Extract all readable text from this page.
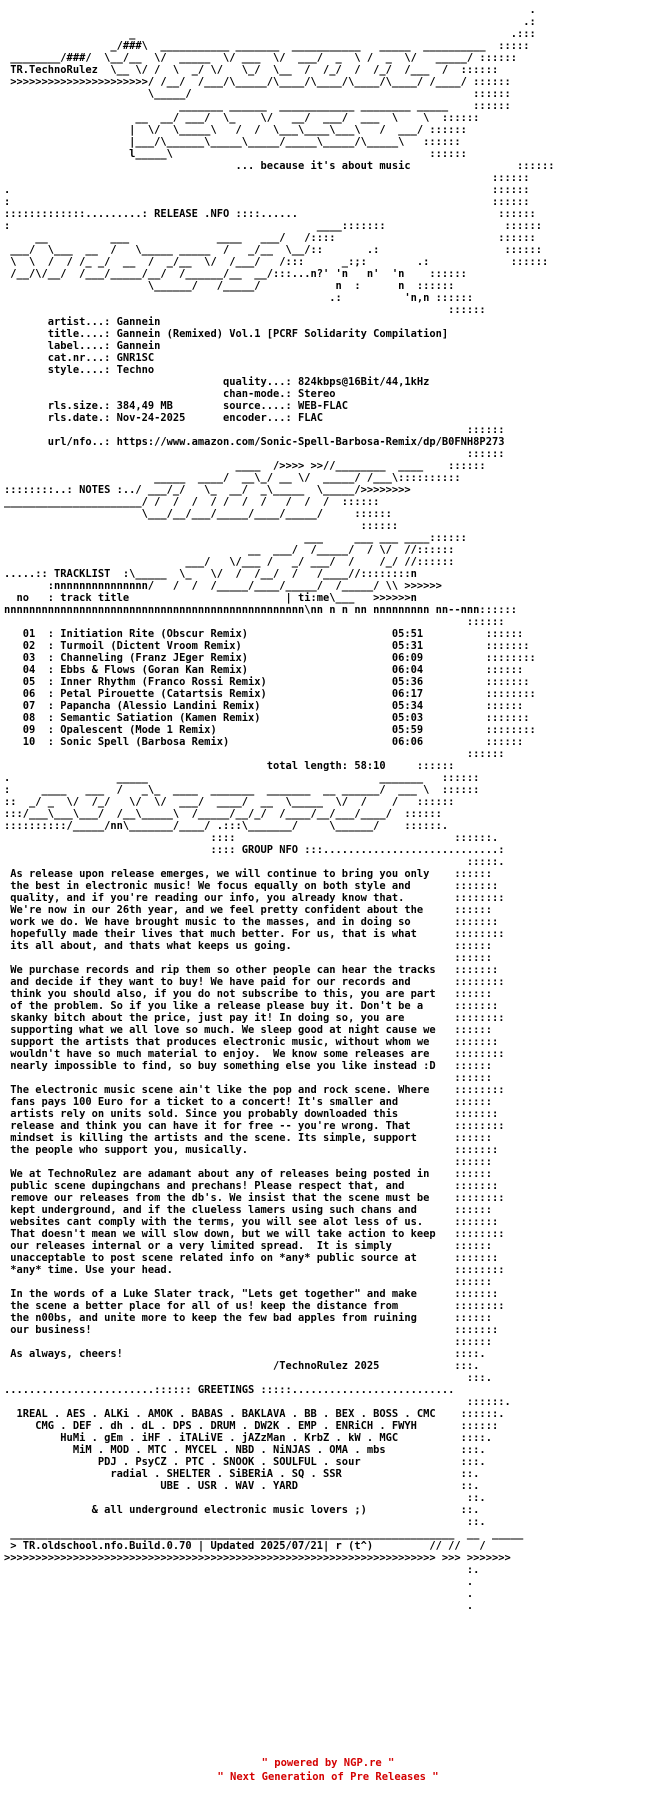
.
.:
_                                                            .:::
_/###\  ___________ _______  ___________   _____  __________  :::::
________/###/  \__/__  \/  _____  \/ ___  \/  ___/  _  \ /  _  \/   _____/ ::::::
TR.TechnoRulez  \__ \/ /  \  _/ \/   \_/  \__  /  /_/  /  /_/  /___  /  ::::::
>>>>>>>>>>>>>>>>>>>>>>/ /__/  /___/\_____/\____/\____/\____/\____/ /____/ ::::::
\_____/                                             ::::::
_______ ______  ____________ ________ _____    ::::::
__  __/ ___/  \_    \/   __/  ___/  ___  \    \  ::::::
|  \/  \_____\   /  /  \___\____\___\   /  ___/ ::::::
|___/\______\_____\_____/_____\_____/\_____\   ::::::
l_____\                                         ::::::
... because it's about music                 ::::::
::::::
.                                                                             ::::::
:                                                                             ::::::
:::::::::::::.........: RELEASE .NFO ::::......                                ::::::
:                                                 ____:::::::                   ::::::
__          ___              ____   ___/   /::::                          ::::::
___/  \___  __  /   \_____ _____  /   _/__  \__/::       .:                    ::::::
\  \  /  / /_ _/  __  /  _/__  \/  /___/   /:::      _:;:        .:             ::::::
/__/\/__/  /___/_____/__/  /______/__  __/:::...n?' 'n   n'  'n    ::::::
\______/   /_____/            n  :      n  ::::::
.:          'n,n ::::::
::::::
artist...: Gannein
title....: Gannein (Remixed) Vol.1 [PCRF Solidarity Compilation]
label....: Gannein
cat.nr...: GNR1SC
style....: Techno
quality...: 824kbps@16Bit/44,1kHz
chan-mode.: Stereo
rls.size.: 384,49 MB        source....: WEB-FLAC
rls.date.: Nov-24-2025      encoder...: FLAC
::::::
url/nfo..: https://www.amazon.com/Sonic-Spell-Barbosa-Remix/dp/B0FNH8P273
::::::
____  />>>> >>//________  ____    ::::::
_____  ____/  __\_/ __ \/  _____/ /___\::::::::::
::::::::..: NOTES :../ ___/_/   \_  __/  _\_____  \_____/>>>>>>>>
______________________/ /  /  /  / /  /  /   /  /  /  ::::::
\___/__/___/_____/____/_____/     ::::::
::::::
___     ___ ___ ____::::::
__  ___/  /_____/  / \/  //::::::
___/   \/___ /   _/ ___/  /    /_/ //::::::
.....:: TRACKLIST  :\_____  \_   \/  /  /__/  /   /____//::::::::n
:nnnnnnnnnnnnnnn/   /  /  /_____/____/_____/  /_____/ \\ >>>>>>
no   : track title                         | ti:me\___   >>>>>>n
nnnnnnnnnnnnnnnnnnnnnnnnnnnnnnnnnnnnnnnnnnnnnnnn\nn n n nn nnnnnnnnn nn--nnn::::::
::::::
01  : Initiation Rite (Obscur Remix)                       05:51          ::::::
02  : Turmoil (Dictent Vroom Remix)                        05:31          :::::::
03  : Channeling (Franz JEger Remix)                       06:09          ::::::::
04  : Ebbs & Flows (Goran Kan Remix)                       06:04          ::::::
05  : Inner Rhythm (Franco Rossi Remix)                    05:36          :::::::
06  : Petal Pirouette (Catartsis Remix)                    06:17          ::::::::
07  : Papancha (Alessio Landini Remix)                     05:34          ::::::
08  : Semantic Satiation (Kamen Remix)                     05:03          :::::::
09  : Opalescent (Mode 1 Remix)                            05:59          ::::::::
10  : Sonic Spell (Barbosa Remix)                          06:06          ::::::
::::::
total length: 58:10     ::::::
.                 _____                                     _______   ::::::
:     ____   ___  /   _\_  ____  _______  _______  __ ______/  ___ \  ::::::
::  _/ _  \/  /_/   \/  \/  ___/  ____/  __  \_____  \/  /    /   ::::::
:::/___\___\___/  /__\_____\  /_____/__/_/  /____/__/___/____/  ::::::
::::::::::/_____/nn\_______/____/ .:::\_______/     \______/    ::::::.
::::                                   ::::::.
:::: GROUP NFO :::............................:
:::::.
As release upon release emerges, we will continue to bring you only    ::::::
the best in electronic music! We focus equally on both style and       :::::::
quality, and if you're reading our info, you already know that.        ::::::::
We're now in our 26th year, and we feel pretty confident about the     ::::::
work we do. We have brought music to the masses, and in doing so       :::::::
hopefully made their lives that much better. For us, that is what      ::::::::
its all about, and thats what keeps us going.                          ::::::
::::::
We purchase records and rip them so other people can hear the tracks   :::::::
and decide if they want to buy! We have paid for our records and       ::::::::
think you should also, if you do not subscribe to this, you are part   ::::::
of the problem. So if you like a release please buy it. Don't be a     :::::::
skanky bitch about the price, just pay it! In doing so, you are        ::::::::
supporting what we all love so much. We sleep good at night cause we   ::::::
support the artists that produces electronic music, without whom we    :::::::
wouldn't have so much material to enjoy.  We know some releases are    ::::::::
nearly impossible to find, so buy something else you like instead :D   ::::::
::::::
The electronic music scene ain't like the pop and rock scene. Where    ::::::::
fans pays 100 Euro for a ticket to a concert! It's smaller and         ::::::
artists rely on units sold. Since you probably downloaded this         :::::::
release and think you can have it for free -- you're wrong. That       ::::::::
mindset is killing the artists and the scene. Its simple, support      ::::::
the people who support you, musically.                                 :::::::
::::::
We at TechnoRulez are adamant about any of releases being posted in    ::::::
public scene dupingchans and prechans! Please respect that, and        :::::::
remove our releases from the db's. We insist that the scene must be    ::::::::
kept underground, and if the clueless lamers using such chans and      ::::::
websites cant comply with the terms, you will see alot less of us.     :::::::
That doesn't mean we will slow down, but we will take action to keep   ::::::::
our releases internal or a very limited spread.  It is simply          ::::::
unacceptable to post scene related info on *any* public source at      :::::::
*any* time. Use your head.                                             ::::::::
::::::
In the words of a Luke Slater track, "Lets get together" and make      :::::::
the scene a better place for all of us! keep the distance from         ::::::::
the n00bs, and unite more to keep the few bad apples from ruining      ::::::
our business!                                                          :::::::
::::::
As always, cheers!                                                     ::::.
/TechnoRulez 2025            :::.
:::.
........................:::::: GREETINGS :::::..........................
::::::.
1REAL . AES . ALKi . AMOK . BABAS . BAKLAVA . BB . BEX . BOSS . CMC    ::::::.
CMG . DEF . dh . dL . DPS . DRUM . DW2K . EMP . ENRiCH . FWYH       ::::::
HuMi . gEm . iHF . iTALiVE . jAZzMan . KrbZ . kW . MGC          ::::.
MiM . MOD . MTC . MYCEL . NBD . NiNJAS . OMA . mbs            :::.
PDJ . PsyCZ . PTC . SNOOK . SOULFUL . sour                :::.
radial . SHELTER . SiBERiA . SQ . SSR                   ::.
UBE . USR . WAV . YARD                          ::.
::.
& all underground electronic music lovers ;)               ::.
::.
_______________________________________________________________________  __  _____
> TR.oldschool.nfo.Build.0.70 | Updated 2025/07/21| r (t^)         // //   /
>>>>>>>>>>>>>>>>>>>>>>>>>>>>>>>>>>>>>>>>>>>>>>>>>>>>>>>>>>>>>>>>>>>>> >>> >>>>>>>
:.
.
.
.
" powered by NGP.re "
" Next Generation of Pre Releases "
